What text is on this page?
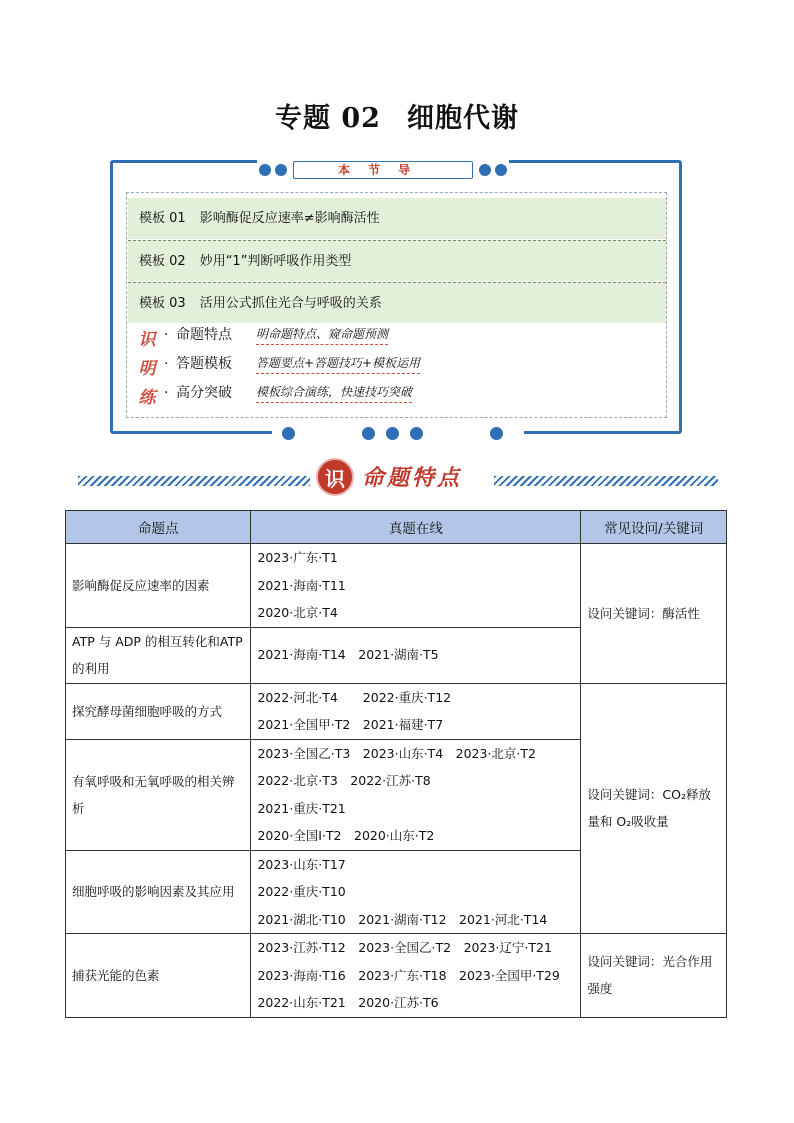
专题 02 细胞代谢
本节导
模板 01 影响酶促反应速率≠影响酶活性
模板 02 妙用“1”判断呼吸作用类型
模板 03 活用公式抓住光合与呼吸的关系
识
明
练
· 命题特点 明命题特点、窥命题预测
· 答题模板 答题要点+答题技巧+模板运用
· 高分突破 模板综合演练，快速技巧突破
识 命题特点
命题点	真题在线	常见设问/关键词
影响酶促反应速率的因素	2023·广东·T1
2021·海南·T11
2020·北京·T4	设问关键词：酶活性
ATP 与 ADP 的相互转化和ATP 的利用	2021·海南·T14　2021·湖南·T5	

探究酵母菌细胞呼吸的方式	2022·河北·T4　　2022·重庆·T12
2021·全国甲·T2　2021·福建·T7	设问关键词：CO₂释放量和 O₂吸收量
有氧呼吸和无氧呼吸的相关辨析	2023·全国乙·T3　2023·山东·T4　2023·北京·T2
2022·北京·T3　2022·江苏·T8
2021·重庆·T21
2020·全国Ⅰ·T2　2020·山东·T2	

细胞呼吸的影响因素及其应用	2023·山东·T17
2022·重庆·T10
2021·湖北·T10　2021·湖南·T12　2021·河北·T14	

捕获光能的色素	2023·江苏·T12　2023·全国乙·T2　2023·辽宁·T21
2023·海南·T16　2023·广东·T18　2023·全国甲·T29
2022·山东·T21　2020·江苏·T6	设问关键词：光合作用强度
